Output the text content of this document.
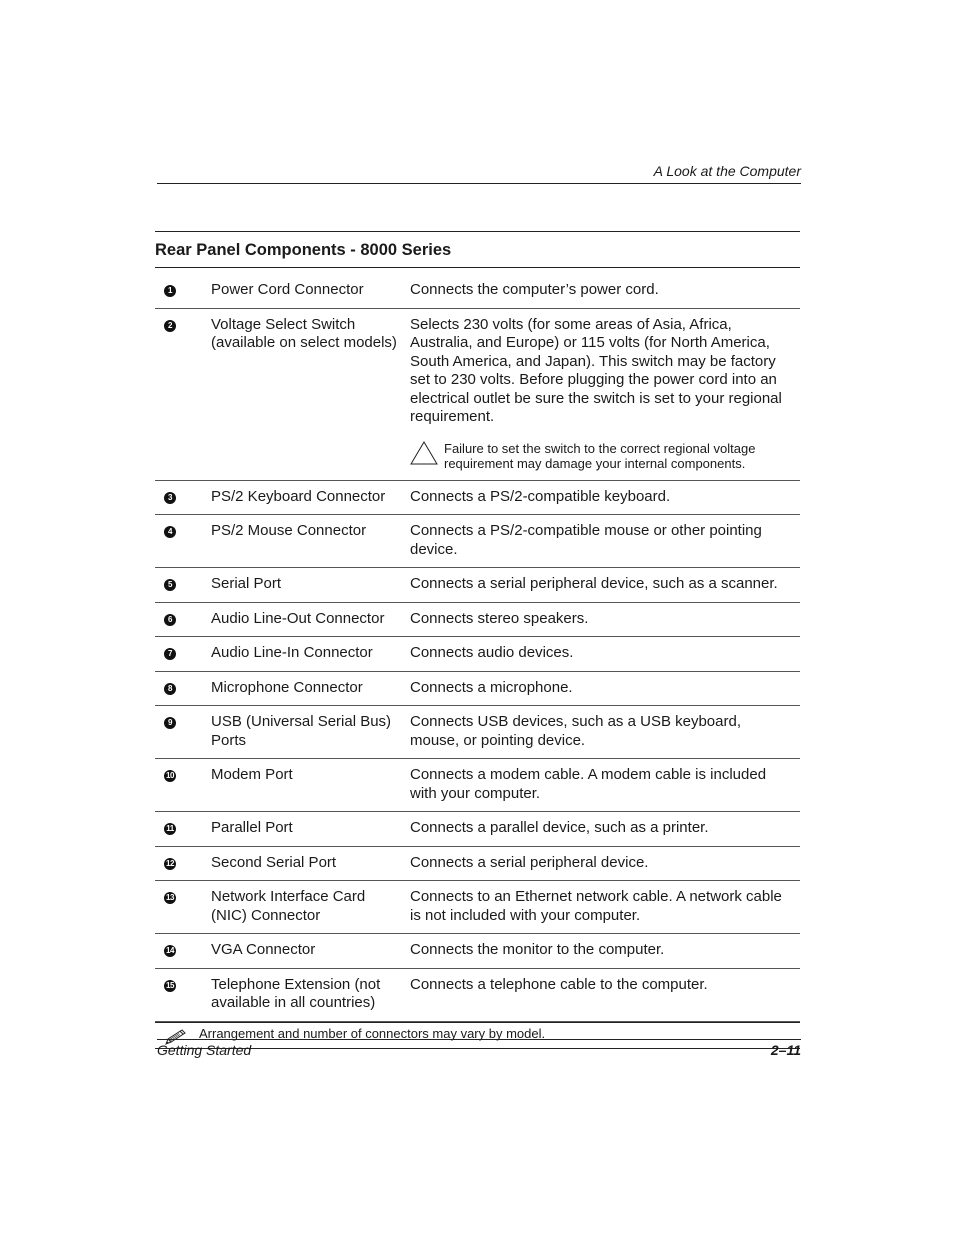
A Look at the Computer
Rear Panel Components - 8000 Series
1	Power Cord Connector	Connects the computer’s power cord.

2	Voltage Select Switch (available on select models)	Selects 230 volts (for some areas of Asia, Africa, Australia, and Europe) or 115 volts (for North America, South America, and Japan). This switch may be factory set to 230 volts. Before plugging the power cord into an electrical outlet be sure the switch is set to your regional requirement.
Failure to set the switch to the correct regional voltage requirement may damage your internal components.

3	PS/2 Keyboard Connector	Connects a PS/2-compatible keyboard.

4	PS/2 Mouse Connector	Connects a PS/2-compatible mouse or other pointing device.

5	Serial Port	Connects a serial peripheral device, such as a scanner.

6	Audio Line-Out Connector	Connects stereo speakers.

7	Audio Line-In Connector	Connects audio devices.

8	Microphone Connector	Connects a microphone.

9	USB (Universal Serial Bus) Ports	Connects USB devices, such as a USB keyboard, mouse, or pointing device.

10	Modem Port	Connects a modem cable. A modem cable is included with your computer.

11	Parallel Port	Connects a parallel device, such as a printer.

12	Second Serial Port	Connects a serial peripheral device.

13	Network Interface Card (NIC) Connector	Connects to an Ethernet network cable. A network cable is not included with your computer.

14	VGA Connector	Connects the monitor to the computer.

15	Telephone Extension (not available in all countries)	Connects a telephone cable to the computer.
Arrangement and number of connectors may vary by model.
Getting Started	2–11
